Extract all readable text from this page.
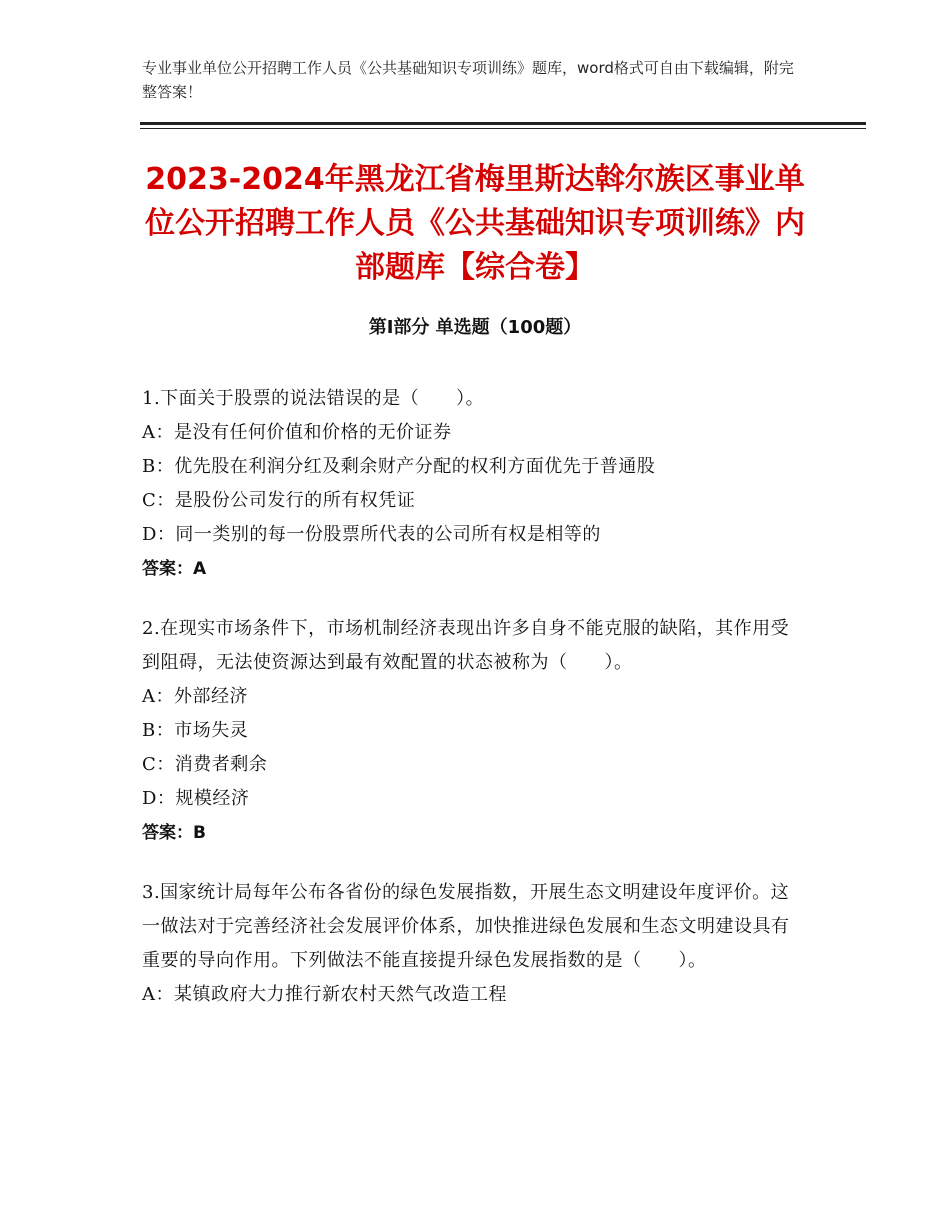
专业事业单位公开招聘工作人员《公共基础知识专项训练》题库，word格式可自由下载编辑，附完整答案！
2023-2024年黑龙江省梅里斯达斡尔族区事业单位公开招聘工作人员《公共基础知识专项训练》内部题库【综合卷】
第I部分 单选题（100题）
1.下面关于股票的说法错误的是（　　）。
A：是没有任何价值和价格的无价证券
B：优先股在利润分红及剩余财产分配的权利方面优先于普通股
C：是股份公司发行的所有权凭证
D：同一类别的每一份股票所代表的公司所有权是相等的
答案：A
2.在现实市场条件下，市场机制经济表现出许多自身不能克服的缺陷，其作用受到阻碍，无法使资源达到最有效配置的状态被称为（　　）。
A：外部经济
B：市场失灵
C：消费者剩余
D：规模经济
答案：B
3.国家统计局每年公布各省份的绿色发展指数，开展生态文明建设年度评价。这一做法对于完善经济社会发展评价体系，加快推进绿色发展和生态文明建设具有重要的导向作用。下列做法不能直接提升绿色发展指数的是（　　）。
A：某镇政府大力推行新农村天然气改造工程
